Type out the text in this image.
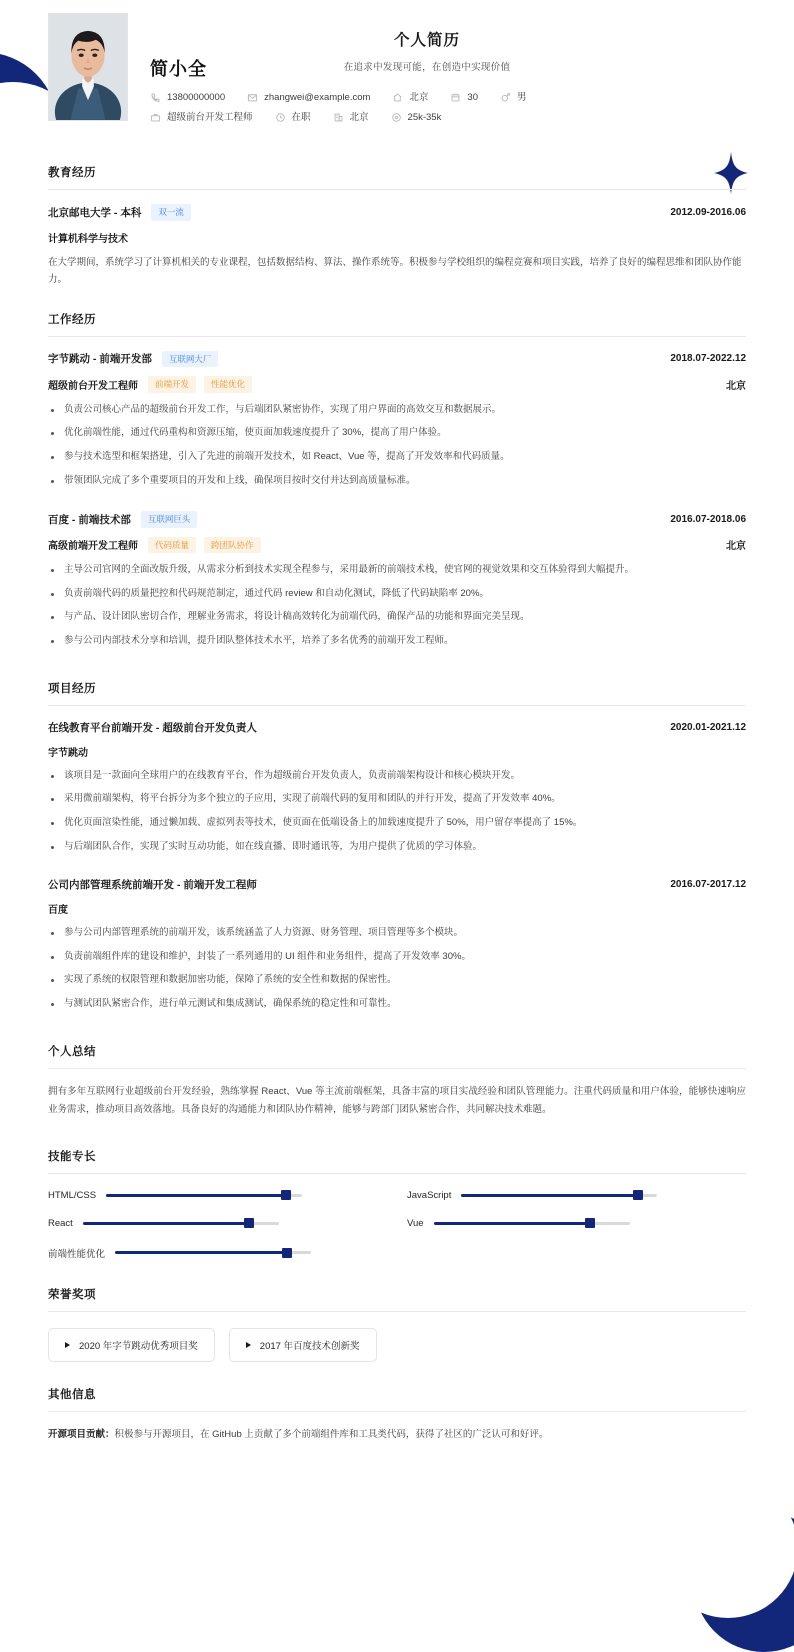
个人简历
在追求中发现可能，在创造中实现价值
简小全
13800000000	zhangwei@example.com	北京	30	男
超级前台开发工程师	在职	北京	25k-35k
教育经历
北京邮电大学 - 本科	双一流	2012.09-2016.06
计算机科学与技术
在大学期间，系统学习了计算机相关的专业课程，包括数据结构、算法、操作系统等。积极参与学校组织的编程竞赛和项目实践，培养了良好的编程思维和团队协作能力。
工作经历
字节跳动 - 前端开发部	互联网大厂	2018.07-2022.12
超级前台开发工程师	前端开发	性能优化	北京
负责公司核心产品的超级前台开发工作，与后端团队紧密协作，实现了用户界面的高效交互和数据展示。
优化前端性能，通过代码重构和资源压缩，使页面加载速度提升了 30%，提高了用户体验。
参与技术选型和框架搭建，引入了先进的前端开发技术，如 React、Vue 等，提高了开发效率和代码质量。
带领团队完成了多个重要项目的开发和上线，确保项目按时交付并达到高质量标准。
百度 - 前端技术部	互联网巨头	2016.07-2018.06
高级前端开发工程师	代码质量	跨团队协作	北京
主导公司官网的全面改版升级，从需求分析到技术实现全程参与，采用最新的前端技术栈，使官网的视觉效果和交互体验得到大幅提升。
负责前端代码的质量把控和代码规范制定，通过代码 review 和自动化测试，降低了代码缺陷率 20%。
与产品、设计团队密切合作，理解业务需求，将设计稿高效转化为前端代码，确保产品的功能和界面完美呈现。
参与公司内部技术分享和培训，提升团队整体技术水平，培养了多名优秀的前端开发工程师。
项目经历
在线教育平台前端开发 - 超级前台开发负责人	2020.01-2021.12
字节跳动
该项目是一款面向全球用户的在线教育平台，作为超级前台开发负责人，负责前端架构设计和核心模块开发。
采用微前端架构，将平台拆分为多个独立的子应用，实现了前端代码的复用和团队的并行开发，提高了开发效率 40%。
优化页面渲染性能，通过懒加载、虚拟列表等技术，使页面在低端设备上的加载速度提升了 50%，用户留存率提高了 15%。
与后端团队合作，实现了实时互动功能，如在线直播、即时通讯等，为用户提供了优质的学习体验。
公司内部管理系统前端开发 - 前端开发工程师	2016.07-2017.12
百度
参与公司内部管理系统的前端开发，该系统涵盖了人力资源、财务管理、项目管理等多个模块。
负责前端组件库的建设和维护，封装了一系列通用的 UI 组件和业务组件，提高了开发效率 30%。
实现了系统的权限管理和数据加密功能，保障了系统的安全性和数据的保密性。
与测试团队紧密合作，进行单元测试和集成测试，确保系统的稳定性和可靠性。
个人总结
拥有多年互联网行业超级前台开发经验，熟练掌握 React、Vue 等主流前端框架，具备丰富的项目实战经验和团队管理能力。注重代码质量和用户体验，能够快速响应业务需求，推动项目高效落地。具备良好的沟通能力和团队协作精神，能够与跨部门团队紧密合作，共同解决技术难题。
技能专长
HTML/CSS	JavaScript
React	Vue
前端性能优化
荣誉奖项
2020 年字节跳动优秀项目奖	2017 年百度技术创新奖
其他信息
开源项目贡献：积极参与开源项目，在 GitHub 上贡献了多个前端组件库和工具类代码，获得了社区的广泛认可和好评。
